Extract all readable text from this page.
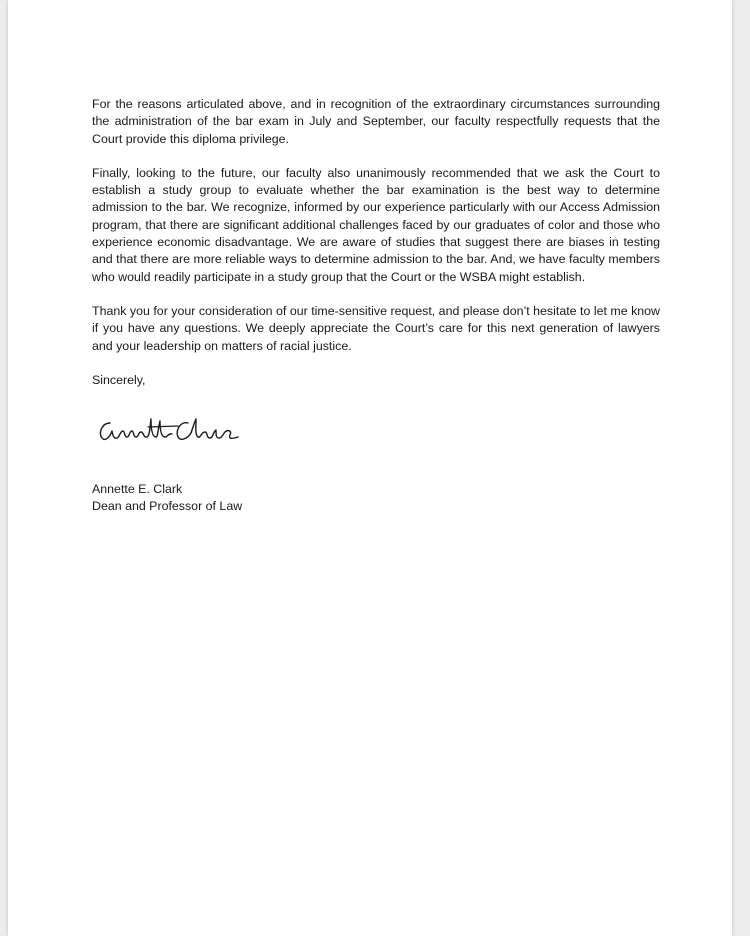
For the reasons articulated above, and in recognition of the extraordinary circumstances surrounding the administration of the bar exam in July and September, our faculty respectfully requests that the Court provide this diploma privilege.

Finally, looking to the future, our faculty also unanimously recommended that we ask the Court to establish a study group to evaluate whether the bar examination is the best way to determine admission to the bar. We recognize, informed by our experience particularly with our Access Admission program, that there are significant additional challenges faced by our graduates of color and those who experience economic disadvantage. We are aware of studies that suggest there are biases in testing and that there are more reliable ways to determine admission to the bar. And, we have faculty members who would readily participate in a study group that the Court or the WSBA might establish.

Thank you for your consideration of our time-sensitive request, and please don’t hesitate to let me know if you have any questions. We deeply appreciate the Court’s care for this next generation of lawyers and your leadership on matters of racial justice.

Sincerely,

Annette E. Clark
Dean and Professor of Law
